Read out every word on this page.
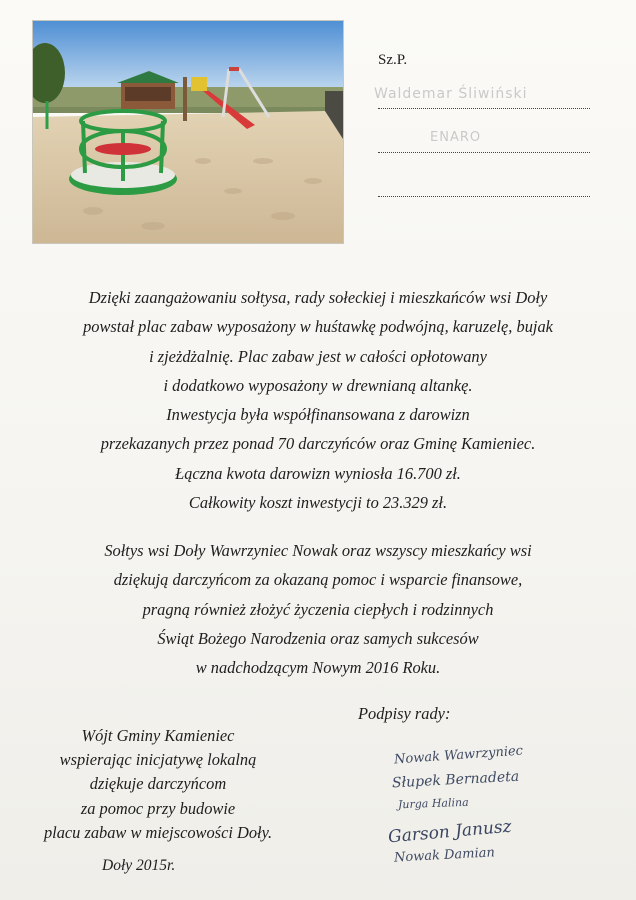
Sz.P.
Waldemar Śliwiński
ENARO
Dzięki zaangażowaniu sołtysa, rady sołeckiej i mieszkańców wsi Doły
powstał plac zabaw wyposażony w huśtawkę podwójną, karuzelę, bujak
i zjeżdżalnię. Plac zabaw jest w całości opłotowany
i dodatkowo wyposażony w drewnianą altankę.
Inwestycja była współfinansowana z darowizn
przekazanych przez ponad 70 darczyńców oraz Gminę Kamieniec.
Łączna kwota darowizn wyniosła 16.700 zł.
Całkowity koszt inwestycji to 23.329 zł.
Sołtys wsi Doły Wawrzyniec Nowak oraz wszyscy mieszkańcy wsi
dziękują darczyńcom za okazaną pomoc i wsparcie finansowe,
pragną również złożyć życzenia ciepłych i rodzinnych
Świąt Bożego Narodzenia oraz samych sukcesów
w nadchodzącym Nowym 2016 Roku.
Podpisy rady:
Wójt Gminy Kamieniec
wspierając inicjatywę lokalną
dziękuje darczyńcom
za pomoc przy budowie
placu zabaw w miejscowości Doły.
Doły 2015r.
Nowak Wawrzyniec
Słupek Bernadeta
Jurga Halina
Garson Janusz
Nowak Damian
